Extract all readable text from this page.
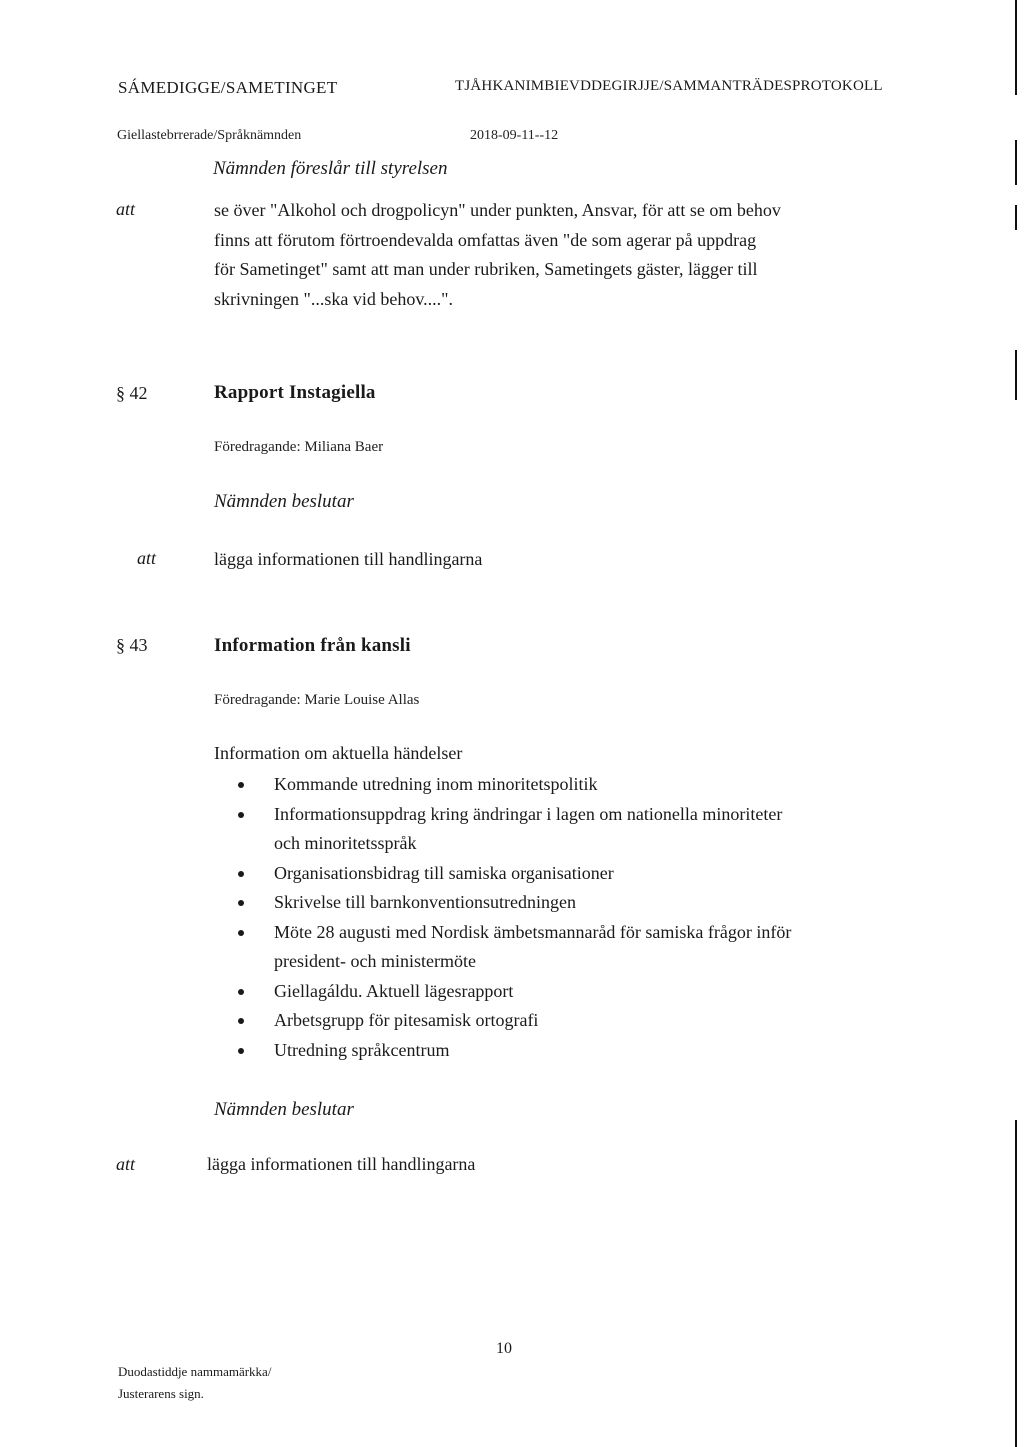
SÁMEDIGGE/SAMETINGET	TJÅHKANIMBIEVDDEGIRJJE/SAMMANTRÄDESPROTOKOLL
Giellastebrrerade/Språknämnden	2018-09-11--12
Nämnden föreslår till styrelsen
att	se över "Alkohol och drogpolicyn" under punkten, Ansvar, för att se om behov
finns att förutom förtroendevalda omfattas även "de som agerar på uppdrag
för Sametinget" samt att man under rubriken, Sametingets gäster, lägger till
skrivningen "...ska vid behov....".
§ 42	Rapport Instagiella
Föredragande: Miliana Baer
Nämnden beslutar
att	lägga informationen till handlingarna
§ 43	Information från kansli
Föredragande: Marie Louise Allas
Information om aktuella händelser
Kommande utredning inom minoritetspolitik
Informationsuppdrag kring ändringar i lagen om nationella minoriteter
och minoritetsspråk
Organisationsbidrag till samiska organisationer
Skrivelse till barnkonventionsutredningen
Möte 28 augusti med Nordisk ämbetsmannaråd för samiska frågor inför
president- och ministermöte
Giellagáldu. Aktuell lägesrapport
Arbetsgrupp för pitesamisk ortografi
Utredning språkcentrum
Nämnden beslutar
att	lägga informationen till handlingarna
10
Duodastiddje nammamärkka/
Justerarens sign.
